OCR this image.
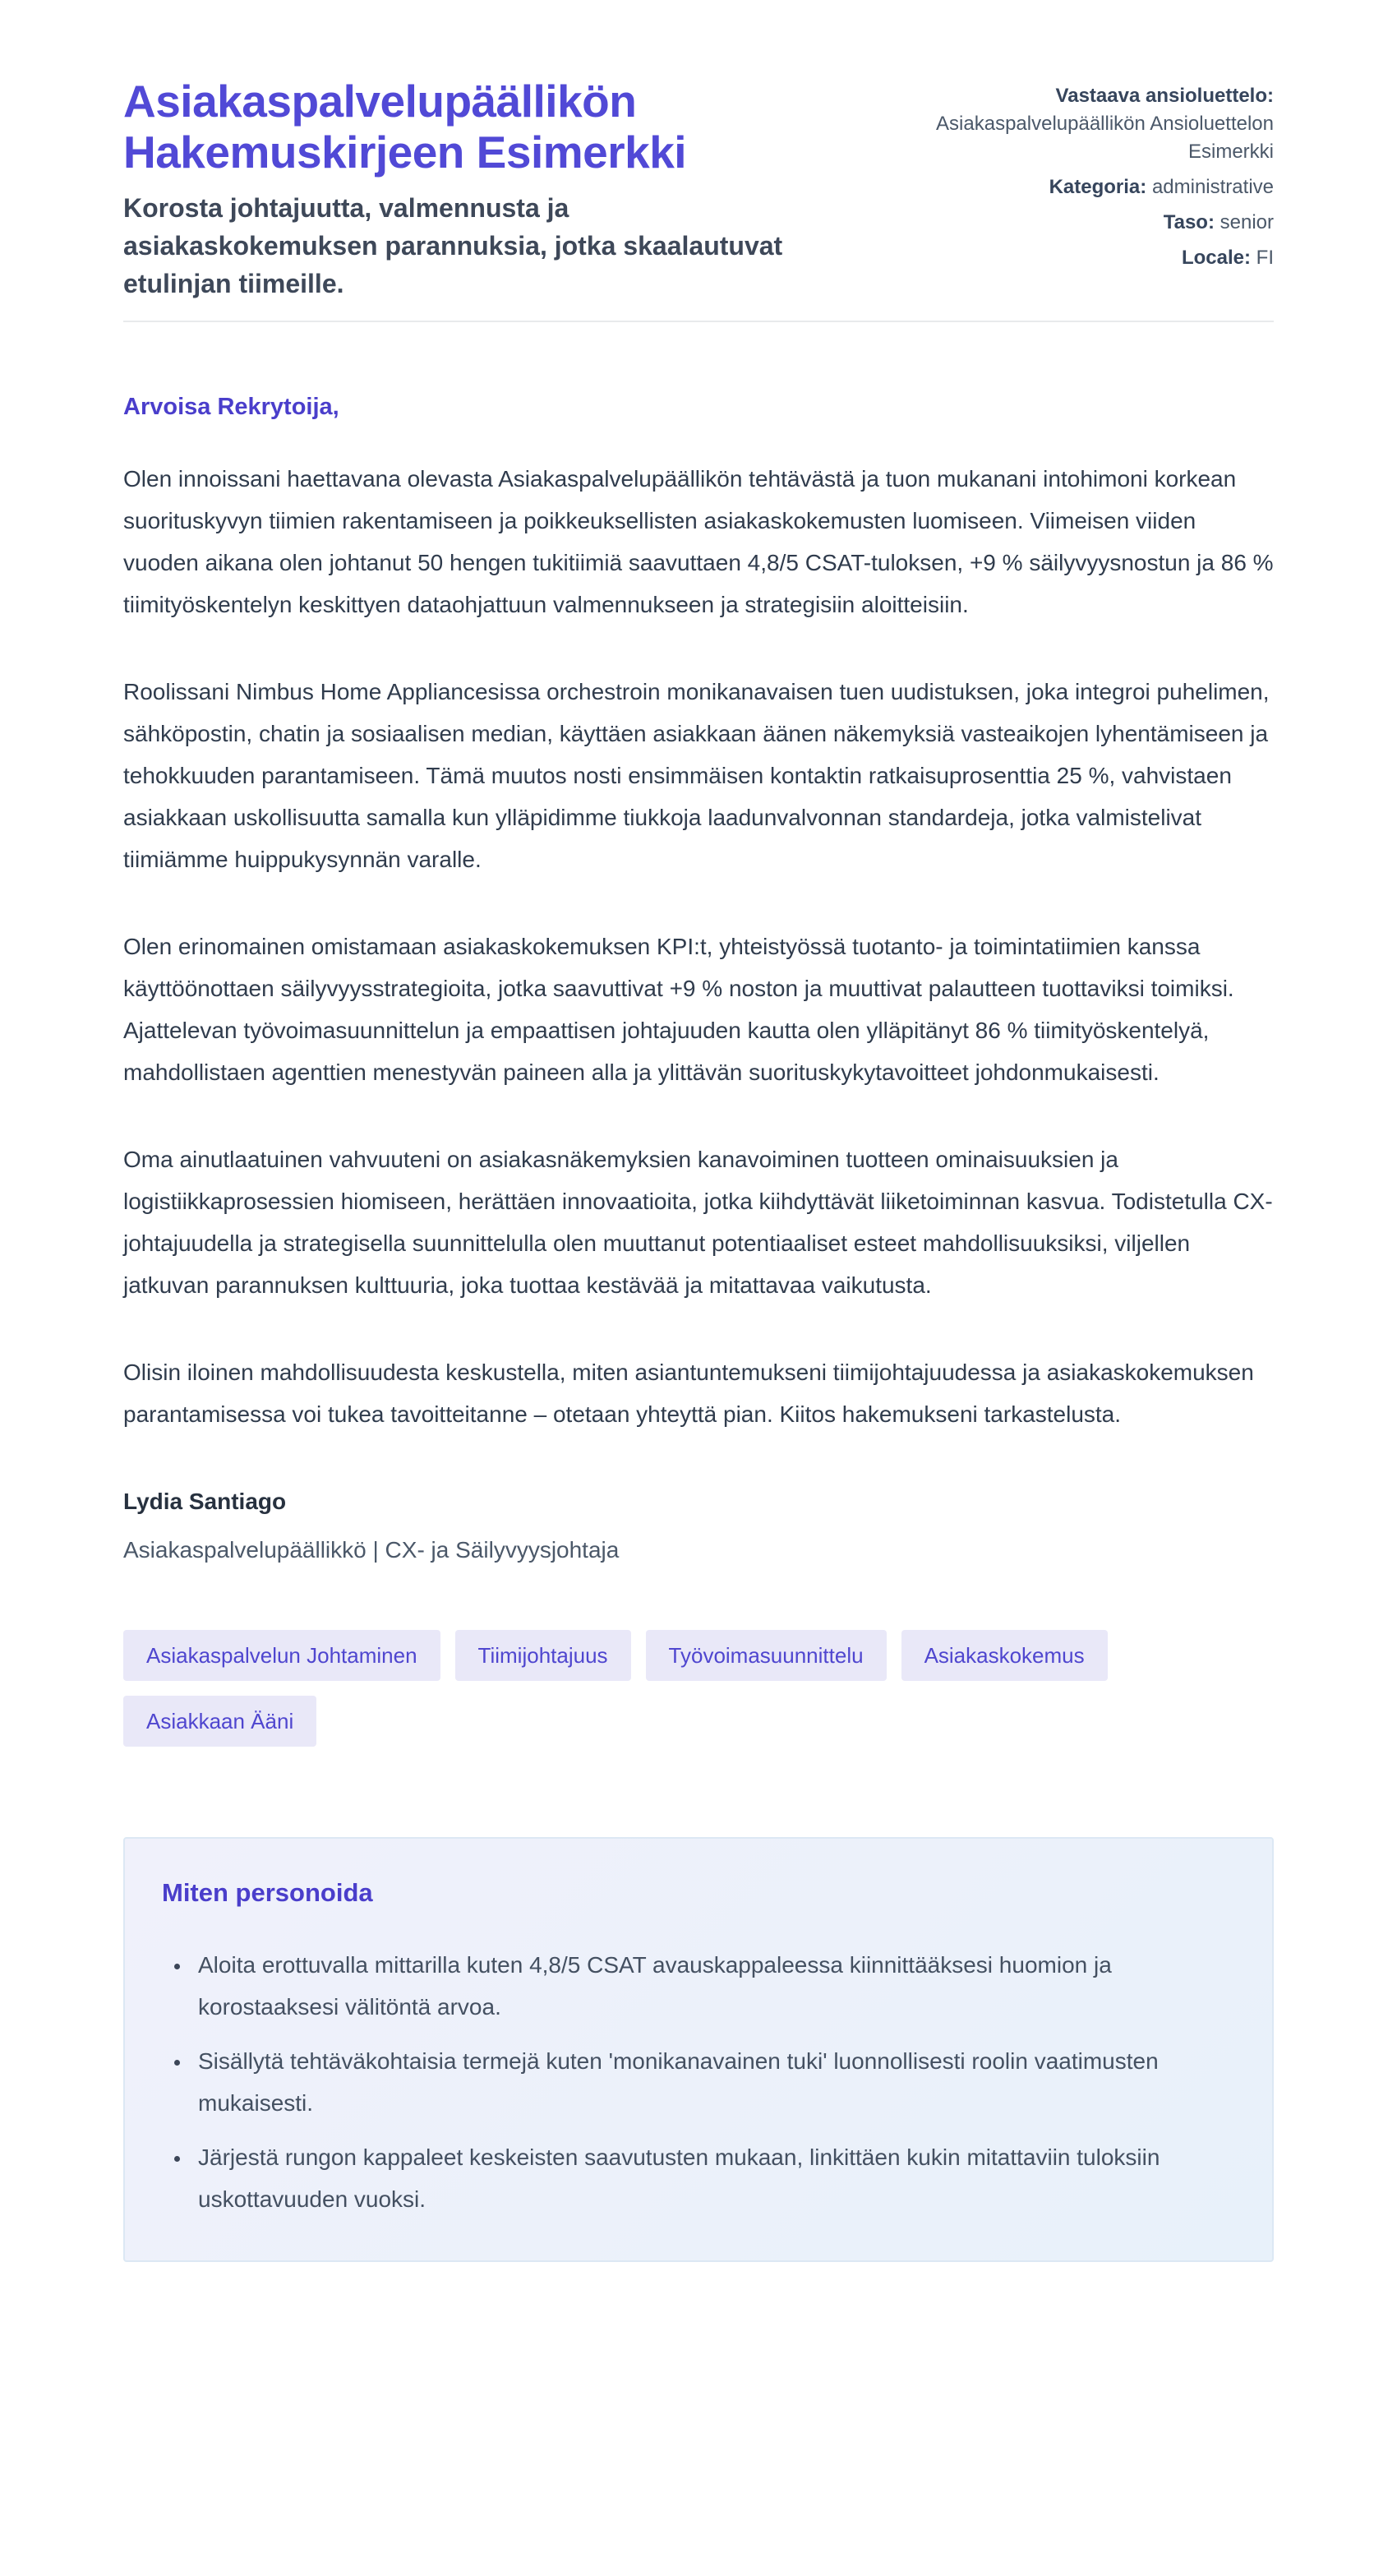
Asiakaspalvelupäällikön Hakemuskirjeen Esimerkki

Korosta johtajuutta, valmennusta ja asiakaskokemuksen parannuksia, jotka skaalautuvat etulinjan tiimeille.

Vastaava ansioluettelo: Asiakaspalvelupäällikön Ansioluettelon Esimerkki
Kategoria: administrative
Taso: senior
Locale: FI

Arvoisa Rekrytoija,

Olen innoissani haettavana olevasta Asiakaspalvelupäällikön tehtävästä ja tuon mukanani intohimoni korkean suorituskyvyn tiimien rakentamiseen ja poikkeuksellisten asiakaskokemusten luomiseen. Viimeisen viiden vuoden aikana olen johtanut 50 hengen tukitiimiä saavuttaen 4,8/5 CSAT-tuloksen, +9 % säilyvyysnostun ja 86 % tiimityöskentelyn keskittyen dataohjattuun valmennukseen ja strategisiin aloitteisiin.

Roolissani Nimbus Home Appliancesissa orchestroin monikanavaisen tuen uudistuksen, joka integroi puhelimen, sähköpostin, chatin ja sosiaalisen median, käyttäen asiakkaan äänen näkemyksiä vasteaikojen lyhentämiseen ja tehokkuuden parantamiseen. Tämä muutos nosti ensimmäisen kontaktin ratkaisuprosenttia 25 %, vahvistaen asiakkaan uskollisuutta samalla kun ylläpidimme tiukkoja laadunvalvonnan standardeja, jotka valmistelivat tiimiämme huippukysynnän varalle.

Olen erinomainen omistamaan asiakaskokemuksen KPI:t, yhteistyössä tuotanto- ja toimintatiimien kanssa käyttöönottaen säilyvyysstrategioita, jotka saavuttivat +9 % noston ja muuttivat palautteen tuottaviksi toimiksi. Ajattelevan työvoimasuunnittelun ja empaattisen johtajuuden kautta olen ylläpitänyt 86 % tiimityöskentelyä, mahdollistaen agenttien menestyvän paineen alla ja ylittävän suorituskykytavoitteet johdonmukaisesti.

Oma ainutlaatuinen vahvuuteni on asiakasnäkemyksien kanavoiminen tuotteen ominaisuuksien ja logistiikkaprosessien hiomiseen, herättäen innovaatioita, jotka kiihdyttävät liiketoiminnan kasvua. Todistetulla CX-johtajuudella ja strategisella suunnittelulla olen muuttanut potentiaaliset esteet mahdollisuuksiksi, viljellen jatkuvan parannuksen kulttuuria, joka tuottaa kestävää ja mitattavaa vaikutusta.

Olisin iloinen mahdollisuudesta keskustella, miten asiantuntemukseni tiimijohtajuudessa ja asiakaskokemuksen parantamisessa voi tukea tavoitteitanne – otetaan yhteyttä pian. Kiitos hakemukseni tarkastelusta.

Lydia Santiago

Asiakaspalvelupäällikkö | CX- ja Säilyvyysjohtaja

Asiakaspalvelun Johtaminen	Tiimijohtajuus	Työvoimasuunnittelu	Asiakaskokemus
Asiakkaan Ääni
Miten personoida
• Aloita erottuvalla mittarilla kuten 4,8/5 CSAT avauskappaleessa kiinnittääksesi huomion ja korostaaksesi välitöntä arvoa.
• Sisällytä tehtäväkohtaisia termejä kuten 'monikanavainen tuki' luonnollisesti roolin vaatimusten mukaisesti.
• Järjestä rungon kappaleet keskeisten saavutusten mukaan, linkittäen kukin mitattaviin tuloksiin uskottavuuden vuoksi.
